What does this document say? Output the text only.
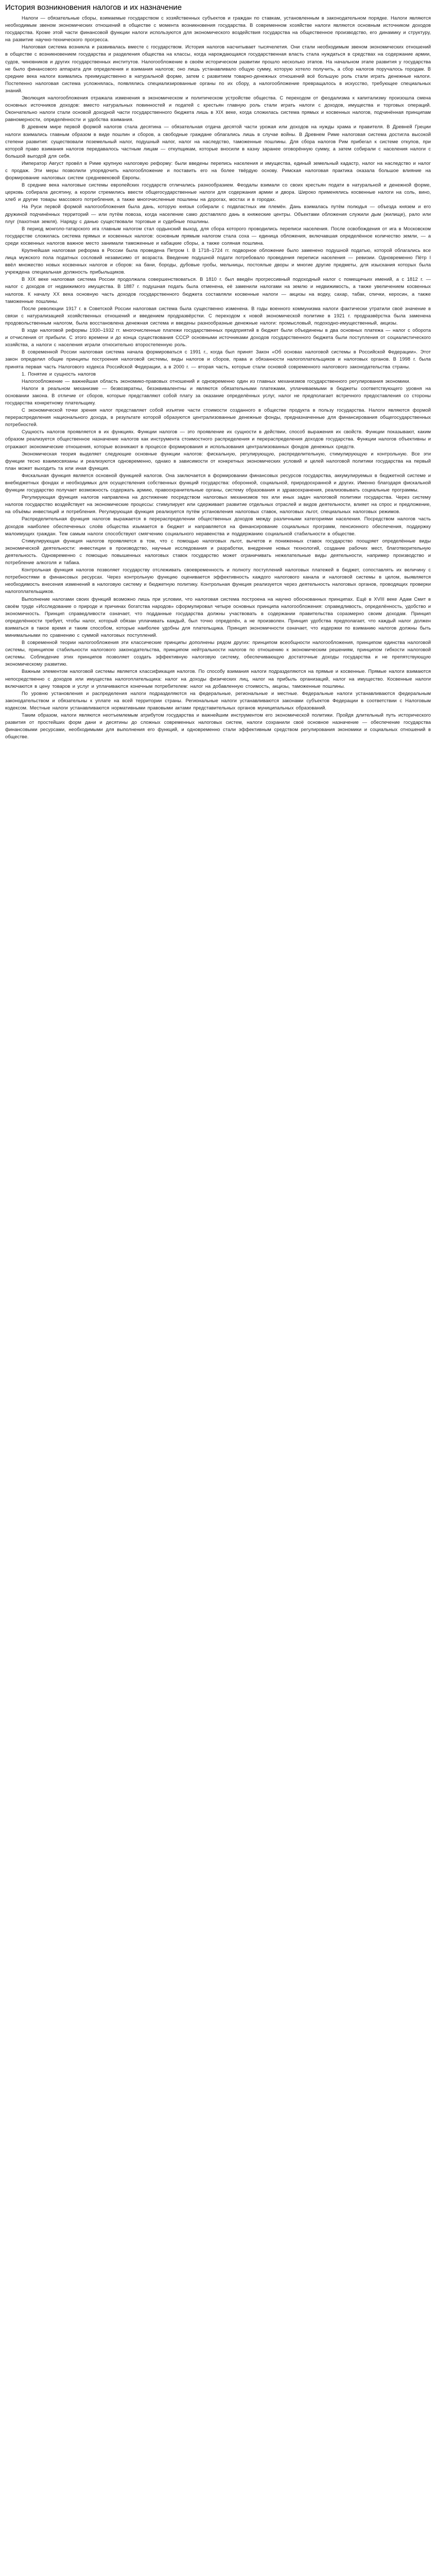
История возникновения налогов и их назначение

Налоги — обязательные сборы, взимаемые государством с хозяйственных субъектов и граждан по ставкам, установленным в законодательном порядке. Налоги являются необходимым звеном экономических отношений в обществе с момента возникновения государства. В современном хозяйстве налоги являются основным источником доходов государства. Кроме этой части финансовой функции налоги используются для экономического воздействия государства на общественное производство, его динамику и структуру, на развитие научно-технического прогресса.

Налоговая система возникла и развивалась вместе с государством. История налогов насчитывает тысячелетия. Они стали необходимым звеном экономических отношений в обществе с возникновением государства и разделения общества на классы, когда нарождающаяся государственная власть стала нуждаться в средствах на содержание армии, судов, чиновников и других государственных институтов. Налогообложение в своём историческом развитии прошло несколько этапов. На начальном этапе развития у государства не было финансового аппарата для определения и взимания налогов; оно лишь устанавливало общую сумму, которую хотело получить, а сбор налогов поручалось городам. В средние века налоги взимались преимущественно в натуральной форме, затем с развитием товарно-денежных отношений всё большую роль стали играть денежные налоги. Постепенно налоговая система усложнялась, появлялись специализированные органы по их сбору, а налогообложение превращалось в искусство, требующее специальных знаний.

Эволюция налогообложения отражала изменения в экономическом и политическом устройстве общества. С переходом от феодализма к капитализму произошла смена основных источников доходов: вместо натуральных повинностей и податей с крестьян главную роль стали играть налоги с доходов, имущества и торговых операций. Окончательно налоги стали основой доходной части государственного бюджета лишь в XIX веке, когда сложилась система прямых и косвенных налогов, подчинённая принципам равномерности, определённости и удобства взимания.

В древнем мире первой формой налогов стала десятина — обязательная отдача десятой части урожая или доходов на нужды храма и правителя. В Древней Греции налоги взимались главным образом в виде пошлин и сборов, а свободные граждане облагались лишь в случае войны. В Древнем Риме налоговая система достигла высокой степени развития: существовали поземельный налог, подушный налог, налог на наследство, таможенные пошлины. Для сбора налогов Рим прибегал к системе откупов, при которой право взимания налогов передавалось частным лицам — откупщикам, которые вносили в казну заранее оговорённую сумму, а затем собирали с населения налоги с большой выгодой для себя.

Император Август провёл в Риме крупную налоговую реформу: были введены перепись населения и имущества, единый земельный кадастр, налог на наследство и налог с продаж. Эти меры позволили упорядочить налогообложение и поставить его на более твёрдую основу. Римская налоговая практика оказала большое влияние на формирование налоговых систем средневековой Европы.

В средние века налоговые системы европейских государств отличались разнообразием. Феодалы взимали со своих крестьян подати в натуральной и денежной форме, церковь собирала десятину, а короли стремились ввести общегосударственные налоги для содержания армии и двора. Широко применялись косвенные налоги на соль, вино, хлеб и другие товары массового потребления, а также многочисленные пошлины на дорогах, мостах и в городах.

На Руси первой формой налогообложения была дань, которую князья собирали с подвластных им племён. Дань взималась путём полюдья — объезда князем и его дружиной подчинённых территорий — или путём повоза, когда население само доставляло дань в княжеские центры. Объектами обложения служили дым (жилище), рало или плуг (пахотная земля). Наряду с данью существовали торговые и судебные пошлины.

В период монголо-татарского ига главным налогом стал ордынский выход, для сбора которого проводились переписи населения. После освобождения от ига в Московском государстве сложилась система прямых и косвенных налогов: основным прямым налогом стала соха — единица обложения, включавшая определённое количество земли, — а среди косвенных налогов важное место занимали таможенные и кабацкие сборы, а также соляная пошлина.

Крупнейшая налоговая реформа в России была проведена Петром I. В 1718–1724 гг. подворное обложение было заменено подушной податью, которой облагались все лица мужского пола податных сословий независимо от возраста. Введение подушной подати потребовало проведения переписи населения — ревизии. Одновременно Пётр I ввёл множество новых косвенных налогов и сборов: на бани, бороды, дубовые гробы, мельницы, постоялые дворы и многие другие предметы, для изыскания которых была учреждена специальная должность прибыльщиков.

В XIX веке налоговая система России продолжала совершенствоваться. В 1810 г. был введён прогрессивный подоходный налог с помещичьих имений, а с 1812 г. — налог с доходов от недвижимого имущества. В 1887 г. подушная подать была отменена, её заменили налогами на землю и недвижимость, а также увеличением косвенных налогов. К началу XX века основную часть доходов государственного бюджета составляли косвенные налоги — акцизы на водку, сахар, табак, спички, керосин, а также таможенные пошлины.

После революции 1917 г. в Советской России налоговая система была существенно изменена. В годы военного коммунизма налоги фактически утратили своё значение в связи с натурализацией хозяйственных отношений и введением продразвёрстки. С переходом к новой экономической политике в 1921 г. продразвёрстка была заменена продовольственным налогом, была восстановлена денежная система и введены разнообразные денежные налоги: промысловый, подоходно-имущественный, акцизы.

В ходе налоговой реформы 1930–1932 гг. многочисленные платежи государственных предприятий в бюджет были объединены в два основных платежа — налог с оборота и отчисления от прибыли. С этого времени и до конца существования СССР основными источниками доходов государственного бюджета были поступления от социалистического хозяйства, а налоги с населения играли относительно второстепенную роль.

В современной России налоговая система начала формироваться с 1991 г., когда был принят Закон «Об основах налоговой системы в Российской Федерации». Этот закон определил общие принципы построения налоговой системы, виды налогов и сборов, права и обязанности налогоплательщиков и налоговых органов. В 1998 г. была принята первая часть Налогового кодекса Российской Федерации, а в 2000 г. — вторая часть, которые стали основой современного налогового законодательства страны.

1. Понятие и сущность налогов

Налогообложение — важнейшая область экономико-правовых отношений и одновременно один из главных механизмов государственного регулирования экономики.

Налоги в реальном механизме — безвозвратны, безэквивалентны и являются обязательными платежами, уплачиваемыми в бюджеты соответствующего уровня на основании закона. В отличие от сборов, которые представляют собой плату за оказание определённых услуг, налог не предполагает встречного предоставления со стороны государства конкретному плательщику.

С экономической точки зрения налог представляет собой изъятие части стоимости созданного в обществе продукта в пользу государства. Налоги являются формой перераспределения национального дохода, в результате которой образуются централизованные денежные фонды, предназначенные для финансирования общегосударственных потребностей.

Сущность налогов проявляется в их функциях. Функции налогов — это проявление их сущности в действии, способ выражения их свойств. Функции показывают, каким образом реализуется общественное назначение налогов как инструмента стоимостного распределения и перераспределения доходов государства. Функции налогов объективны и отражают экономические отношения, которые возникают в процессе формирования и использования централизованных фондов денежных средств.

Экономическая теория выделяет следующие основные функции налогов: фискальную, регулирующую, распределительную, стимулирующую и контрольную. Все эти функции тесно взаимосвязаны и реализуются одновременно, однако в зависимости от конкретных экономических условий и целей налоговой политики государства на первый план может выходить та или иная функция.

Фискальная функция является основной функцией налогов. Она заключается в формировании финансовых ресурсов государства, аккумулируемых в бюджетной системе и внебюджетных фондах и необходимых для осуществления собственных функций государства: оборонной, социальной, природоохранной и других. Именно благодаря фискальной функции государство получает возможность содержать армию, правоохранительные органы, систему образования и здравоохранения, реализовывать социальные программы.

Регулирующая функция налогов направлена на достижение посредством налоговых механизмов тех или иных задач налоговой политики государства. Через систему налогов государство воздействует на экономические процессы: стимулирует или сдерживает развитие отдельных отраслей и видов деятельности, влияет на спрос и предложение, на объёмы инвестиций и потребления. Регулирующая функция реализуется путём установления налоговых ставок, налоговых льгот, специальных налоговых режимов.

Распределительная функция налогов выражается в перераспределении общественных доходов между различными категориями населения. Посредством налогов часть доходов наиболее обеспеченных слоёв общества изымается в бюджет и направляется на финансирование социальных программ, пенсионного обеспечения, поддержку малоимущих граждан. Тем самым налоги способствуют смягчению социального неравенства и поддержанию социальной стабильности в обществе.

Стимулирующая функция налогов проявляется в том, что с помощью налоговых льгот, вычетов и пониженных ставок государство поощряет определённые виды экономической деятельности: инвестиции в производство, научные исследования и разработки, внедрение новых технологий, создание рабочих мест, благотворительную деятельность. Одновременно с помощью повышенных налоговых ставок государство может ограничивать нежелательные виды деятельности, например производство и потребление алкоголя и табака.

Контрольная функция налогов позволяет государству отслеживать своевременность и полноту поступлений налоговых платежей в бюджет, сопоставлять их величину с потребностями в финансовых ресурсах. Через контрольную функцию оценивается эффективность каждого налогового канала и налоговой системы в целом, выявляется необходимость внесения изменений в налоговую систему и бюджетную политику. Контрольная функция реализуется через деятельность налоговых органов, проводящих проверки налогоплательщиков.

Выполнение налогами своих функций возможно лишь при условии, что налоговая система построена на научно обоснованных принципах. Ещё в XVIII веке Адам Смит в своём труде «Исследование о природе и причинах богатства народов» сформулировал четыре основных принципа налогообложения: справедливость, определённость, удобство и экономичность. Принцип справедливости означает, что подданные государства должны участвовать в содержании правительства соразмерно своим доходам. Принцип определённости требует, чтобы налог, который обязан уплачивать каждый, был точно определён, а не произволен. Принцип удобства предполагает, что каждый налог должен взиматься в такое время и таким способом, которые наиболее удобны для плательщика. Принцип экономичности означает, что издержки по взиманию налогов должны быть минимальными по сравнению с суммой налоговых поступлений.

В современной теории налогообложения эти классические принципы дополнены рядом других: принципом всеобщности налогообложения, принципом единства налоговой системы, принципом стабильности налогового законодательства, принципом нейтральности налогов по отношению к экономическим решениям, принципом гибкости налоговой системы. Соблюдение этих принципов позволяет создать эффективную налоговую систему, обеспечивающую достаточные доходы государства и не препятствующую экономическому развитию.

Важным элементом налоговой системы является классификация налогов. По способу взимания налоги подразделяются на прямые и косвенные. Прямые налоги взимаются непосредственно с доходов или имущества налогоплательщика: налог на доходы физических лиц, налог на прибыль организаций, налог на имущество. Косвенные налоги включаются в цену товаров и услуг и уплачиваются конечным потребителем: налог на добавленную стоимость, акцизы, таможенные пошлины.

По уровню установления и распределения налоги подразделяются на федеральные, региональные и местные. Федеральные налоги устанавливаются федеральным законодательством и обязательны к уплате на всей территории страны. Региональные налоги устанавливаются законами субъектов Федерации в соответствии с Налоговым кодексом. Местные налоги устанавливаются нормативными правовыми актами представительных органов муниципальных образований.

Таким образом, налоги являются неотъемлемым атрибутом государства и важнейшим инструментом его экономической политики. Пройдя длительный путь исторического развития от простейших форм дани и десятины до сложных современных налоговых систем, налоги сохранили своё основное назначение — обеспечение государства финансовыми ресурсами, необходимыми для выполнения его функций, и одновременно стали эффективным средством регулирования экономики и социальных отношений в обществе.
